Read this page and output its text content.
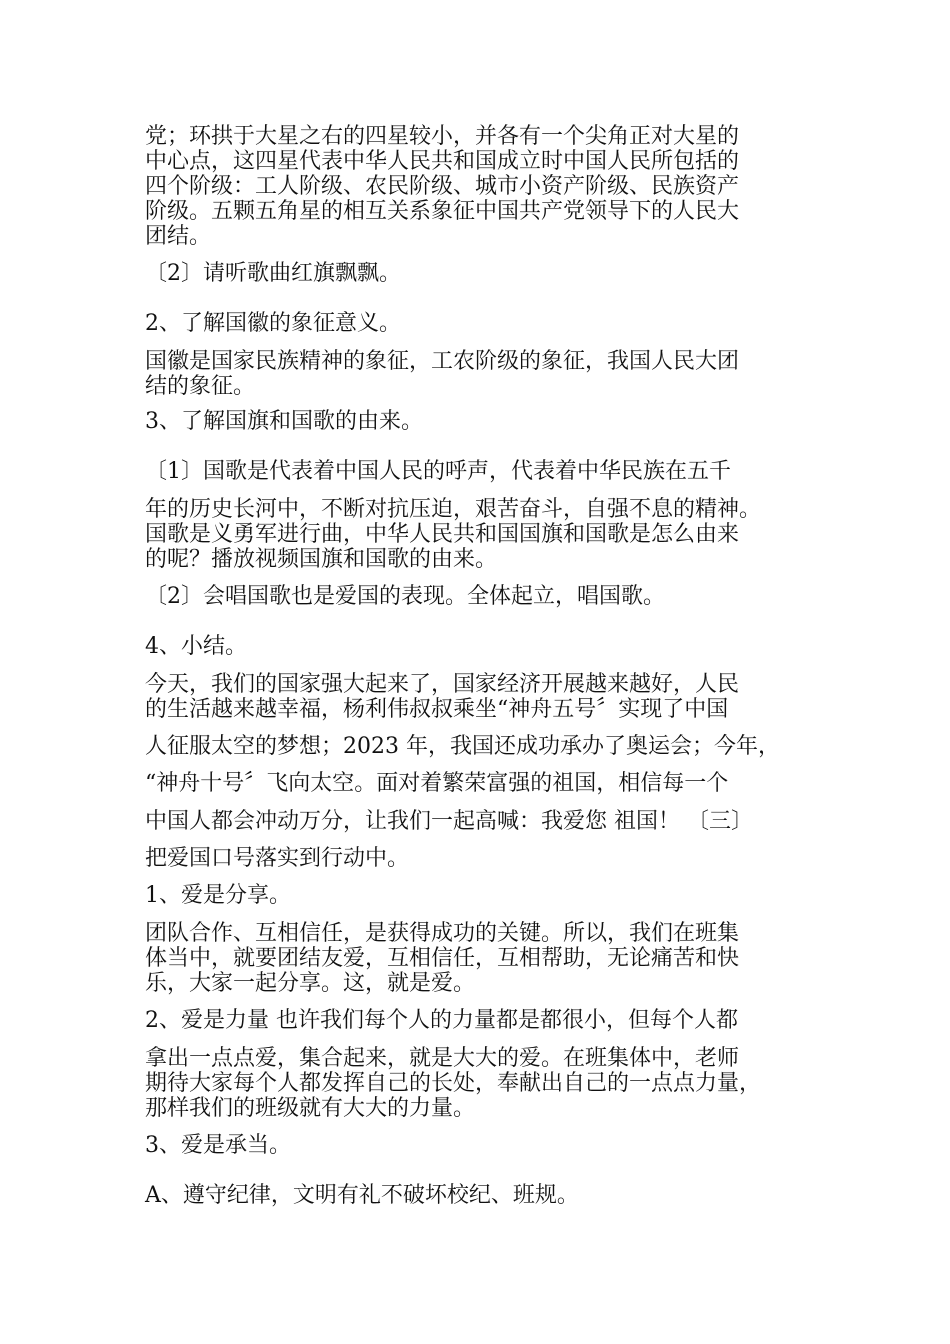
党；环拱于大星之右的四星较小，并各有一个尖角正对大星的
中心点，这四星代表中华人民共和国成立时中国人民所包括的
四个阶级：工人阶级、农民阶级、城市小资产阶级、民族资产
阶级。五颗五角星的相互关系象征中国共产党领导下的人民大
团结。
〔2〕请听歌曲红旗飘飘。
2、了解国徽的象征意义。
国徽是国家民族精神的象征，工农阶级的象征，我国人民大团
结的象征。
3、了解国旗和国歌的由来。
〔1〕国歌是代表着中国人民的呼声，代表着中华民族在五千
年的历史长河中，不断对抗压迫，艰苦奋斗，自强不息的精神。
国歌是义勇军进行曲，中华人民共和国国旗和国歌是怎么由来
的呢？播放视频国旗和国歌的由来。
〔2〕会唱国歌也是爱国的表现。全体起立，唱国歌。
4、小结。
今天，我们的国家强大起来了，国家经济开展越来越好，人民
的生活越来越幸福，杨利伟叔叔乘坐“神舟五号〞实现了中国
人征服太空的梦想；2023 年，我国还成功承办了奥运会；今年，
“神舟十号〞飞向太空。面对着繁荣富强的祖国，相信每一个
中国人都会冲动万分，让我们一起高喊：我爱您 祖国！ 〔三〕
把爱国口号落实到行动中。
1、爱是分享。
团队合作、互相信任，是获得成功的关键。所以，我们在班集
体当中，就要团结友爱，互相信任，互相帮助，无论痛苦和快
乐，大家一起分享。这，就是爱。
2、爱是力量 也许我们每个人的力量都是都很小，但每个人都
拿出一点点爱，集合起来，就是大大的爱。在班集体中，老师
期待大家每个人都发挥自己的长处，奉献出自己的一点点力量，
那样我们的班级就有大大的力量。
3、爱是承当。
A、遵守纪律，文明有礼不破坏校纪、班规。
